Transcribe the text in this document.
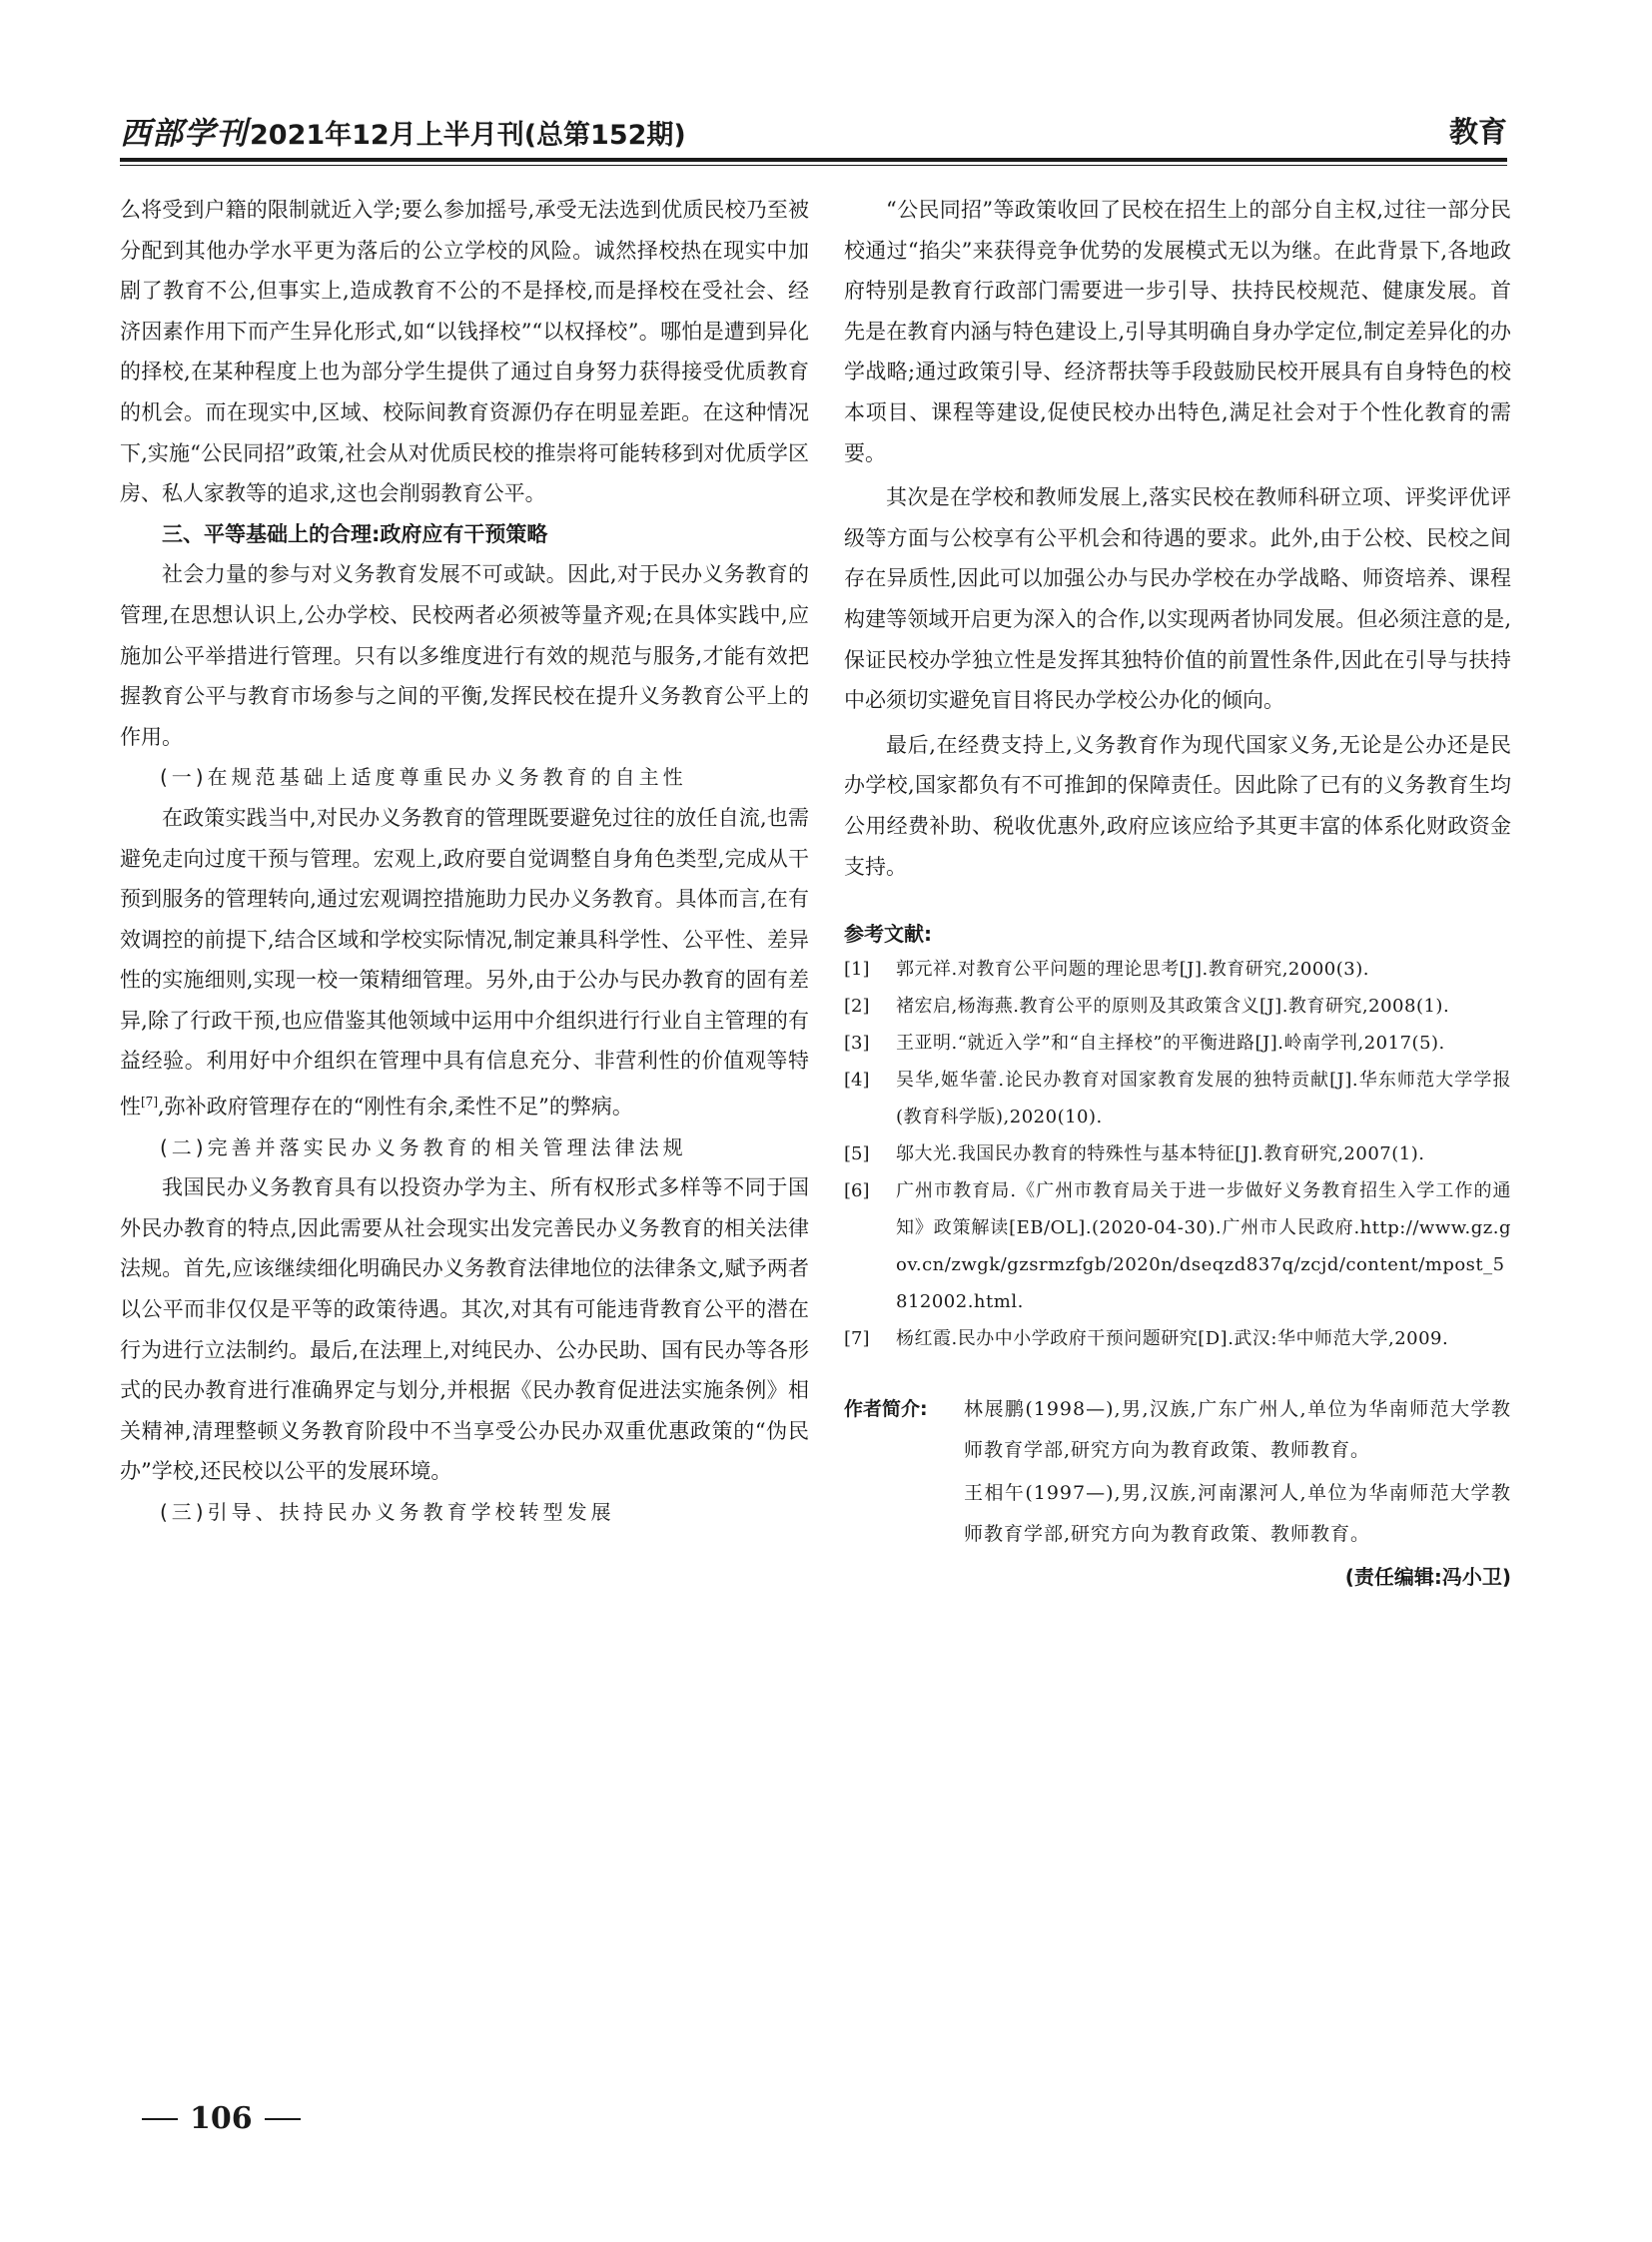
西部学刊 2021年12月上半月刊(总第152期)	教育

么将受到户籍的限制就近入学;要么参加摇号,承受无法选到优质民校乃至被分配到其他办学水平更为落后的公立学校的风险。诚然择校热在现实中加剧了教育不公,但事实上,造成教育不公的不是择校,而是择校在受社会、经济因素作用下而产生异化形式,如“以钱择校”“以权择校”。哪怕是遭到异化的择校,在某种程度上也为部分学生提供了通过自身努力获得接受优质教育的机会。而在现实中,区域、校际间教育资源仍存在明显差距。在这种情况下,实施“公民同招”政策,社会从对优质民校的推崇将可能转移到对优质学区房、私人家教等的追求,这也会削弱教育公平。

三、平等基础上的合理:政府应有干预策略

社会力量的参与对义务教育发展不可或缺。因此,对于民办义务教育的管理,在思想认识上,公办学校、民校两者必须被等量齐观;在具体实践中,应施加公平举措进行管理。只有以多维度进行有效的规范与服务,才能有效把握教育公平与教育市场参与之间的平衡,发挥民校在提升义务教育公平上的作用。

(一)在规范基础上适度尊重民办义务教育的自主性

在政策实践当中,对民办义务教育的管理既要避免过往的放任自流,也需避免走向过度干预与管理。宏观上,政府要自觉调整自身角色类型,完成从干预到服务的管理转向,通过宏观调控措施助力民办义务教育。具体而言,在有效调控的前提下,结合区域和学校实际情况,制定兼具科学性、公平性、差异性的实施细则,实现一校一策精细管理。另外,由于公办与民办教育的固有差异,除了行政干预,也应借鉴其他领域中运用中介组织进行行业自主管理的有益经验。利用好中介组织在管理中具有信息充分、非营利性的价值观等特性[7],弥补政府管理存在的“刚性有余,柔性不足”的弊病。

(二)完善并落实民办义务教育的相关管理法律法规

我国民办义务教育具有以投资办学为主、所有权形式多样等不同于国外民办教育的特点,因此需要从社会现实出发完善民办义务教育的相关法律法规。首先,应该继续细化明确民办义务教育法律地位的法律条文,赋予两者以公平而非仅仅是平等的政策待遇。其次,对其有可能违背教育公平的潜在行为进行立法制约。最后,在法理上,对纯民办、公办民助、国有民办等各形式的民办教育进行准确界定与划分,并根据《民办教育促进法实施条例》相关精神,清理整顿义务教育阶段中不当享受公办民办双重优惠政策的“伪民办”学校,还民校以公平的发展环境。

(三)引导、扶持民办义务教育学校转型发展

“公民同招”等政策收回了民校在招生上的部分自主权,过往一部分民校通过“掐尖”来获得竞争优势的发展模式无以为继。在此背景下,各地政府特别是教育行政部门需要进一步引导、扶持民校规范、健康发展。首先是在教育内涵与特色建设上,引导其明确自身办学定位,制定差异化的办学战略;通过政策引导、经济帮扶等手段鼓励民校开展具有自身特色的校本项目、课程等建设,促使民校办出特色,满足社会对于个性化教育的需要。

其次是在学校和教师发展上,落实民校在教师科研立项、评奖评优评级等方面与公校享有公平机会和待遇的要求。此外,由于公校、民校之间存在异质性,因此可以加强公办与民办学校在办学战略、师资培养、课程构建等领域开启更为深入的合作,以实现两者协同发展。但必须注意的是,保证民校办学独立性是发挥其独特价值的前置性条件,因此在引导与扶持中必须切实避免盲目将民办学校公办化的倾向。

最后,在经费支持上,义务教育作为现代国家义务,无论是公办还是民办学校,国家都负有不可推卸的保障责任。因此除了已有的义务教育生均公用经费补助、税收优惠外,政府应该应给予其更丰富的体系化财政资金支持。

参考文献:
[1]	郭元祥.对教育公平问题的理论思考[J].教育研究,2000(3).
[2]	褚宏启,杨海燕.教育公平的原则及其政策含义[J].教育研究,2008(1).
[3]	王亚明.“就近入学”和“自主择校”的平衡进路[J].岭南学刊,2017(5).
[4]	吴华,姬华蕾.论民办教育对国家教育发展的独特贡献[J].华东师范大学学报(教育科学版),2020(10).
[5]	邬大光.我国民办教育的特殊性与基本特征[J].教育研究,2007(1).
[6]	广州市教育局.《广州市教育局关于进一步做好义务教育招生入学工作的通知》政策解读[EB/OL].(2020-04-30).广州市人民政府.http://www.gz.gov.cn/zwgk/gzsrmzfgb/2020n/dseqzd837q/zcjd/content/mpost_5812002.html.
[7]	杨红霞.民办中小学政府干预问题研究[D].武汉:华中师范大学,2009.
作者简介:	林展鹏(1998—),男,汉族,广东广州人,单位为华南师范大学教师教育学部,研究方向为教育政策、教师教育。

王相午(1997—),男,汉族,河南漯河人,单位为华南师范大学教师教育学部,研究方向为教育政策、教师教育。

(责任编辑:冯小卫)
106
